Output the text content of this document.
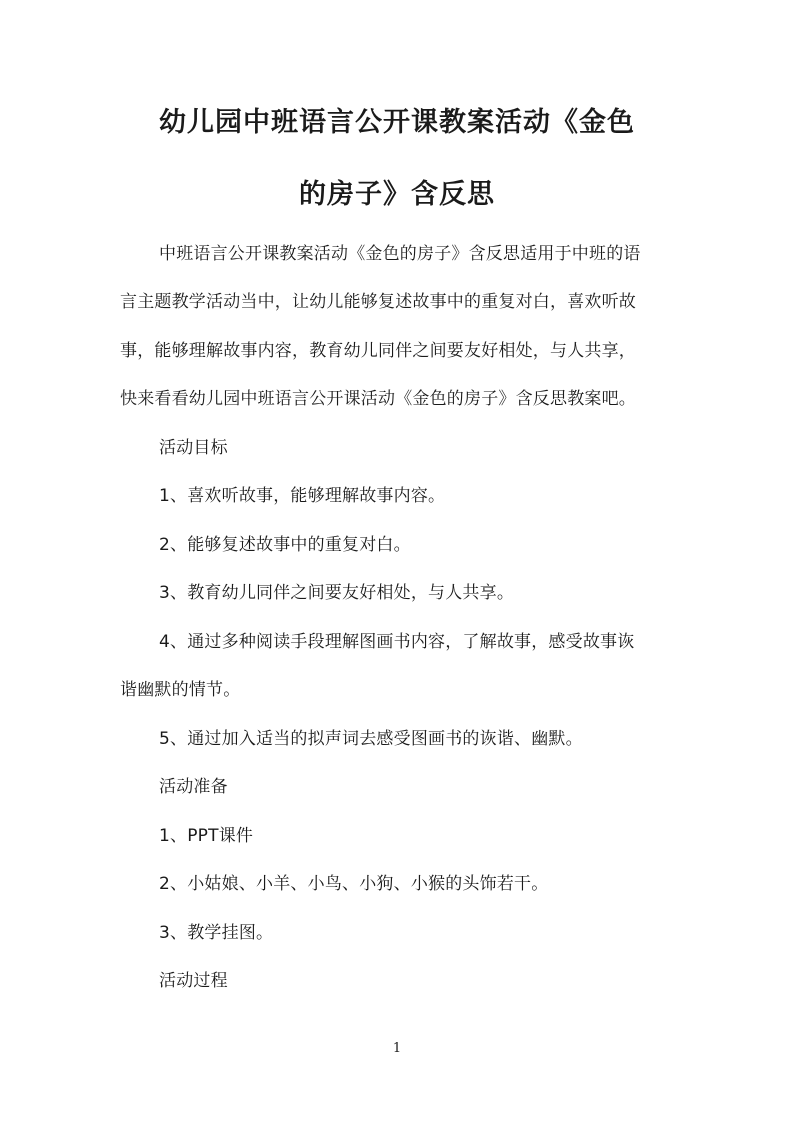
幼儿园中班语言公开课教案活动《金色
的房子》含反思
中班语言公开课教案活动《金色的房子》含反思适用于中班的语
言主题教学活动当中，让幼儿能够复述故事中的重复对白，喜欢听故
事，能够理解故事内容，教育幼儿同伴之间要友好相处，与人共享，
快来看看幼儿园中班语言公开课活动《金色的房子》含反思教案吧。
活动目标
1、喜欢听故事，能够理解故事内容。
2、能够复述故事中的重复对白。
3、教育幼儿同伴之间要友好相处，与人共享。
4、通过多种阅读手段理解图画书内容，了解故事，感受故事诙
谐幽默的情节。
5、通过加入适当的拟声词去感受图画书的诙谐、幽默。
活动准备
1、PPT课件
2、小姑娘、小羊、小鸟、小狗、小猴的头饰若干。
3、教学挂图。
活动过程
1
